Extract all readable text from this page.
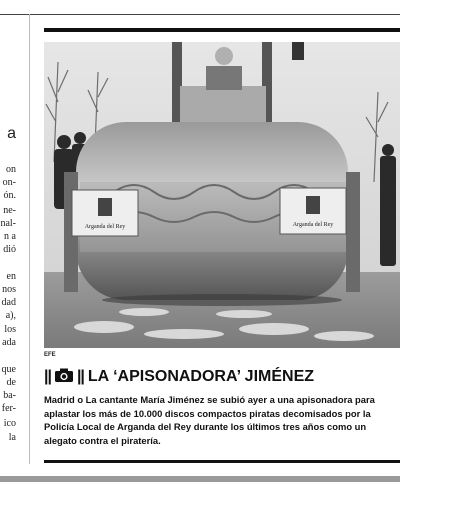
a
on
on-
ón.
ne-
nal-
n a
dió
en
nos
dad
a),
los
ada
que
de
ba-
fer-
ico
la
Arganda del Rey	Arganda del Rey
EFE
|| || LA ‘APISONADORA’ JIMÉNEZ
Madrid o La cantante María Jiménez se subió ayer a una apisonadora para aplastar los más de 10.000 discos compactos piratas decomisados por la Policía Local de Arganda del Rey durante los últimos tres años como un alegato contra el piratería.
